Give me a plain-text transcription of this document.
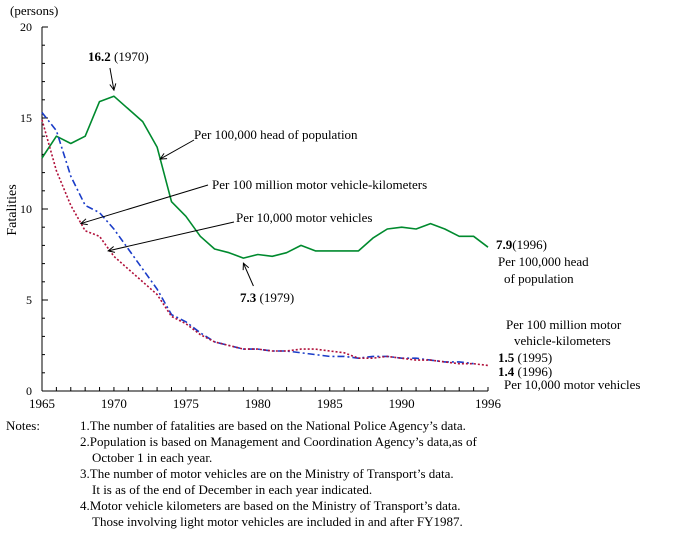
(persons)
Fatalities
0
5
10
15
20
1965	1970	1975	1980	1985	1990	1996
16.2 (1970)
7.3 (1979)
Per 100,000 head of population
Per 100 million motor vehicle-kilometers
Per 10,000 motor vehicles
7.9(1996)
Per 100,000 head
of population
Per 100 million motor
vehicle-kilometers
1.5 (1995)
1.4 (1996)
Per 10,000 motor vehicles
Notes:	1.The number of fatalities are based on the National Police Agency’s data.
2.Population is based on Management and Coordination Agency’s data,as of
October 1 in each year.
3.The number of motor vehicles are on the Ministry of Transport’s data.
It is as of the end of December in each year indicated.
4.Motor vehicle kilometers are based on the Ministry of Transport’s data.
Those involving light motor vehicles are included in and after FY1987.
